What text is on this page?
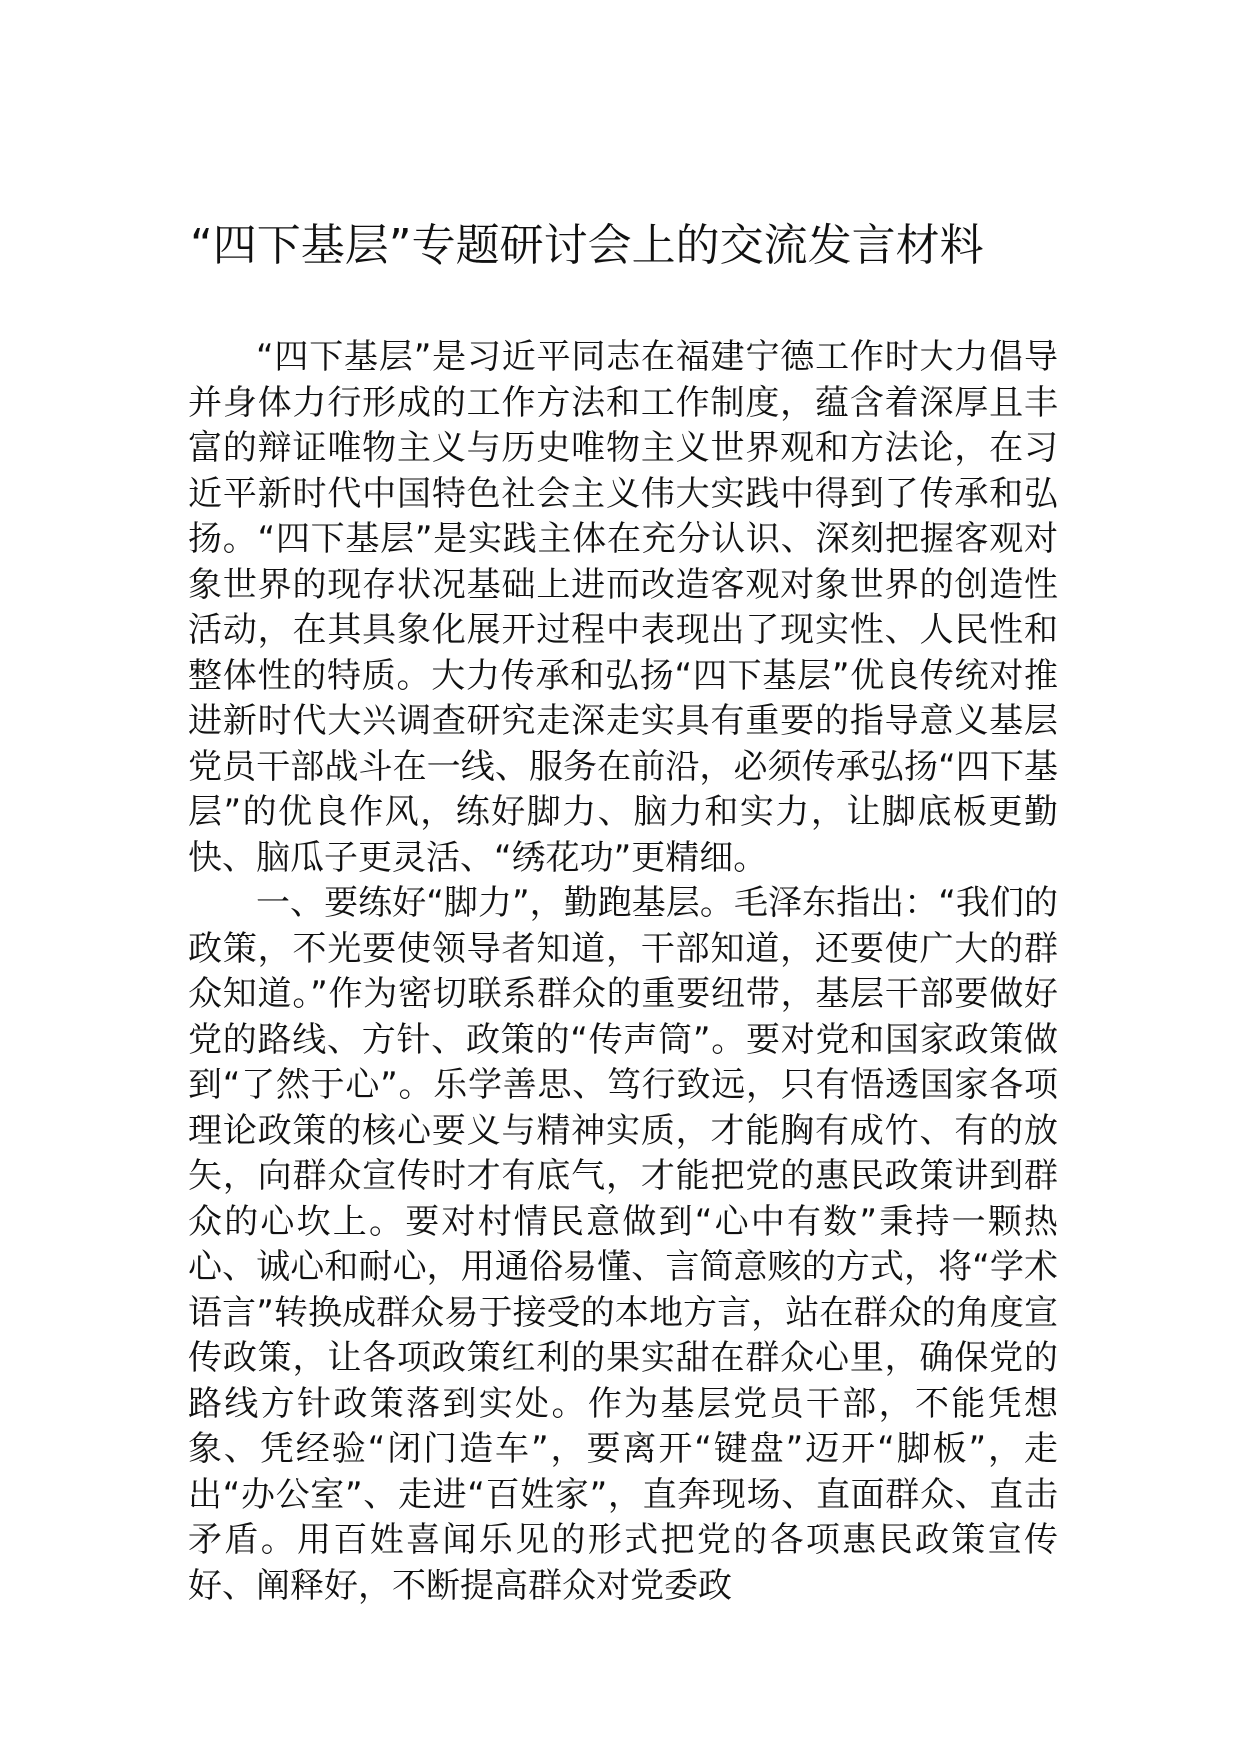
“四下基层”专题研讨会上的交流发言材料

“四下基层”是习近平同志在福建宁德工作时大力倡导并身体力行形成的工作方法和工作制度，蕴含着深厚且丰富的辩证唯物主义与历史唯物主义世界观和方法论，在习近平新时代中国特色社会主义伟大实践中得到了传承和弘扬。“四下基层”是实践主体在充分认识、深刻把握客观对象世界的现存状况基础上进而改造客观对象世界的创造性活动，在其具象化展开过程中表现出了现实性、人民性和整体性的特质。大力传承和弘扬“四下基层”优良传统对推进新时代大兴调查研究走深走实具有重要的指导意义基层党员干部战斗在一线、服务在前沿，必须传承弘扬“四下基层”的优良作风，练好脚力、脑力和实力，让脚底板更勤快、脑瓜子更灵活、“绣花功”更精细。

一、要练好“脚力”，勤跑基层。毛泽东指出：“我们的政策，不光要使领导者知道，干部知道，还要使广大的群众知道。”作为密切联系群众的重要纽带，基层干部要做好党的路线、方针、政策的“传声筒”。要对党和国家政策做到“了然于心”。乐学善思、笃行致远，只有悟透国家各项理论政策的核心要义与精神实质，才能胸有成竹、有的放矢，向群众宣传时才有底气，才能把党的惠民政策讲到群众的心坎上。要对村情民意做到“心中有数”秉持一颗热心、诚心和耐心，用通俗易懂、言简意赅的方式，将“学术语言”转换成群众易于接受的本地方言，站在群众的角度宣传政策，让各项政策红利的果实甜在群众心里，确保党的路线方针政策落到实处。作为基层党员干部，不能凭想象、凭经验“闭门造车”，要离开“键盘”迈开“脚板”，走出“办公室”、走进“百姓家”，直奔现场、直面群众、直击矛盾。用百姓喜闻乐见的形式把党的各项惠民政策宣传好、阐释好，不断提高群众对党委政
